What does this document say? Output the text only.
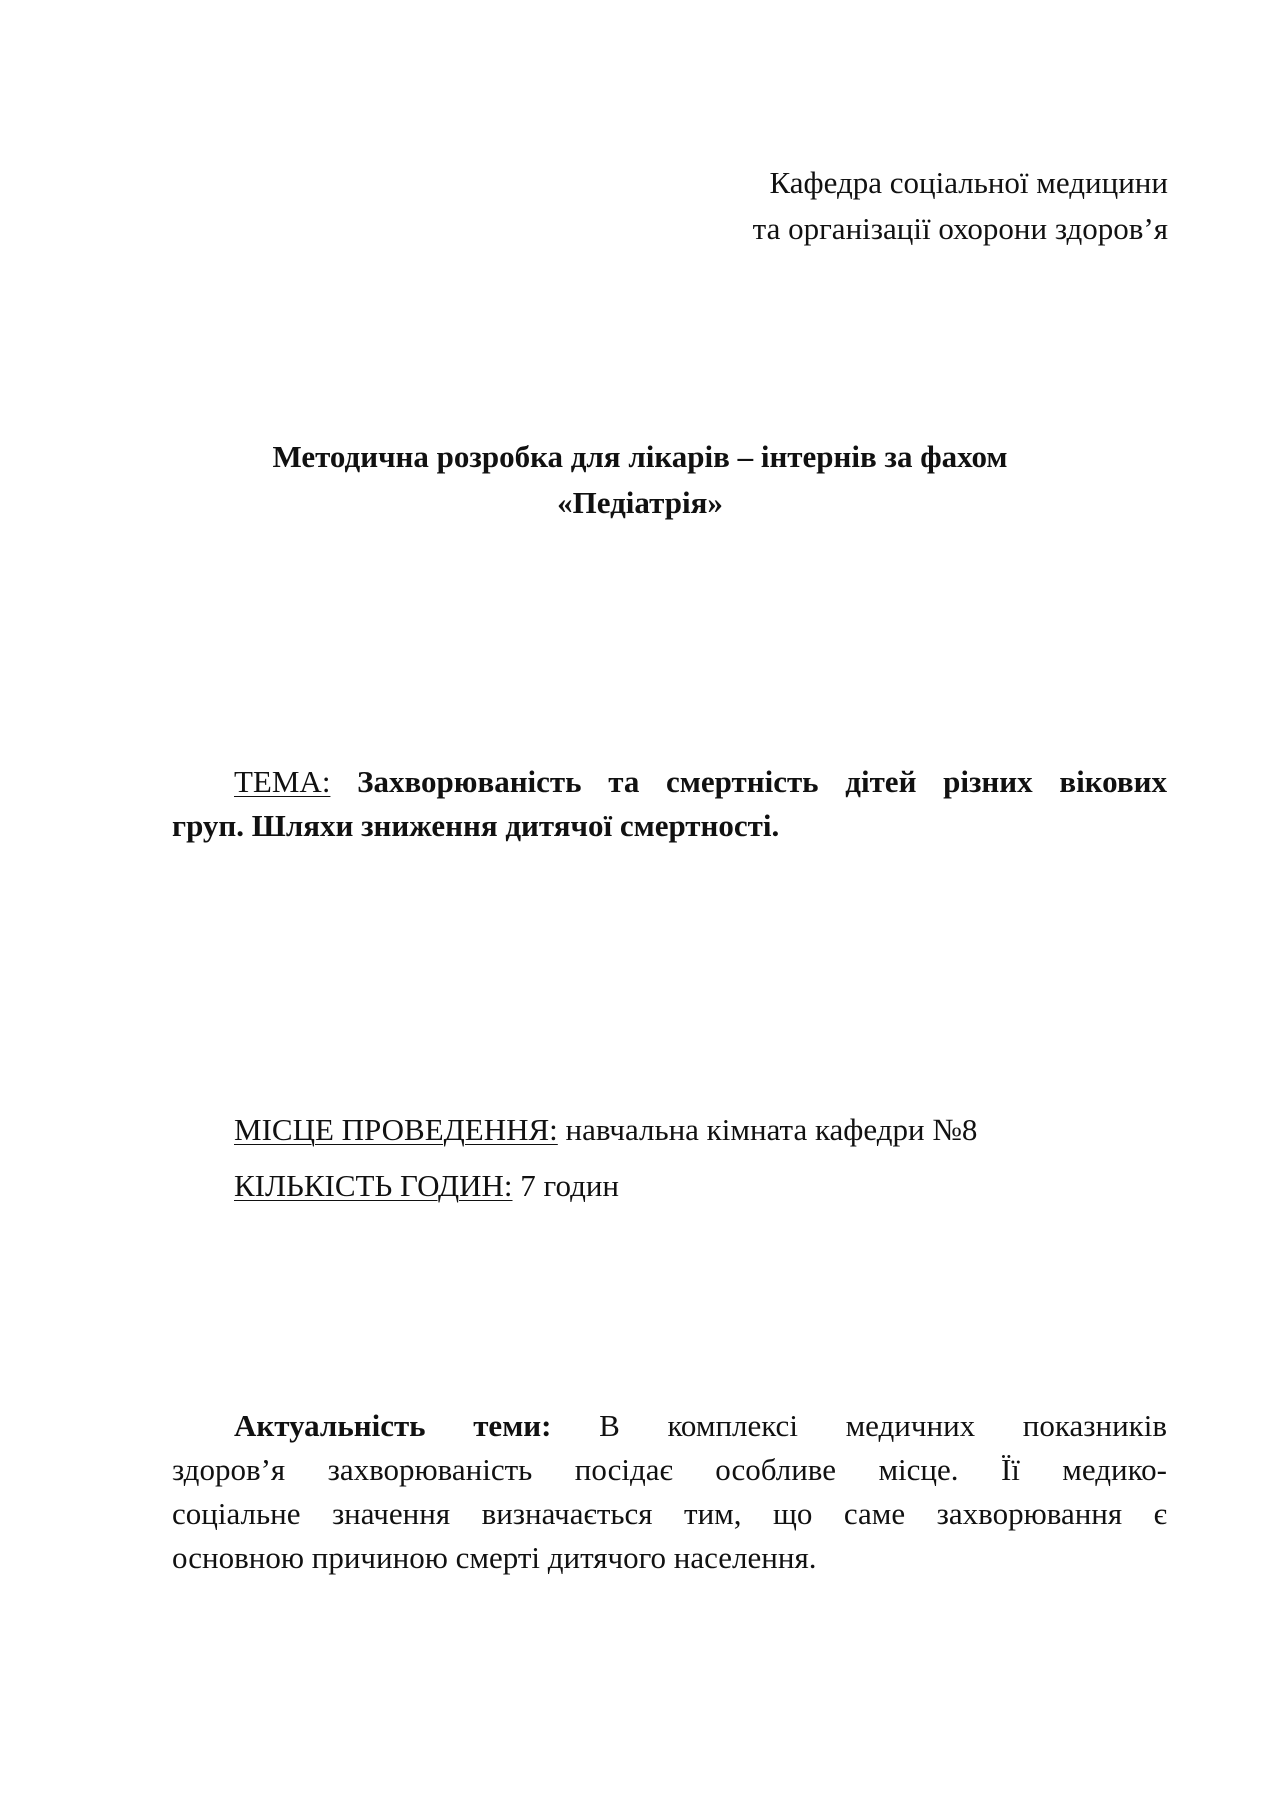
Кафедра соціальної медицини
та організації охорони здоров’я
Методична розробка для лікарів – інтернів за фахом
«Педіатрія»
ТЕМА: Захворюваність та смертність дітей різних вікових
груп. Шляхи зниження дитячої смертності.
МІСЦЕ ПРОВЕДЕННЯ: навчальна кімната кафедри №8
КІЛЬКІСТЬ ГОДИН: 7 годин
Актуальність теми: В комплексі медичних показників
здоров’я захворюваність посідає особливе місце. Її медико-
соціальне значення визначається тим, що саме захворювання є
основною причиною смерті дитячого населення.
